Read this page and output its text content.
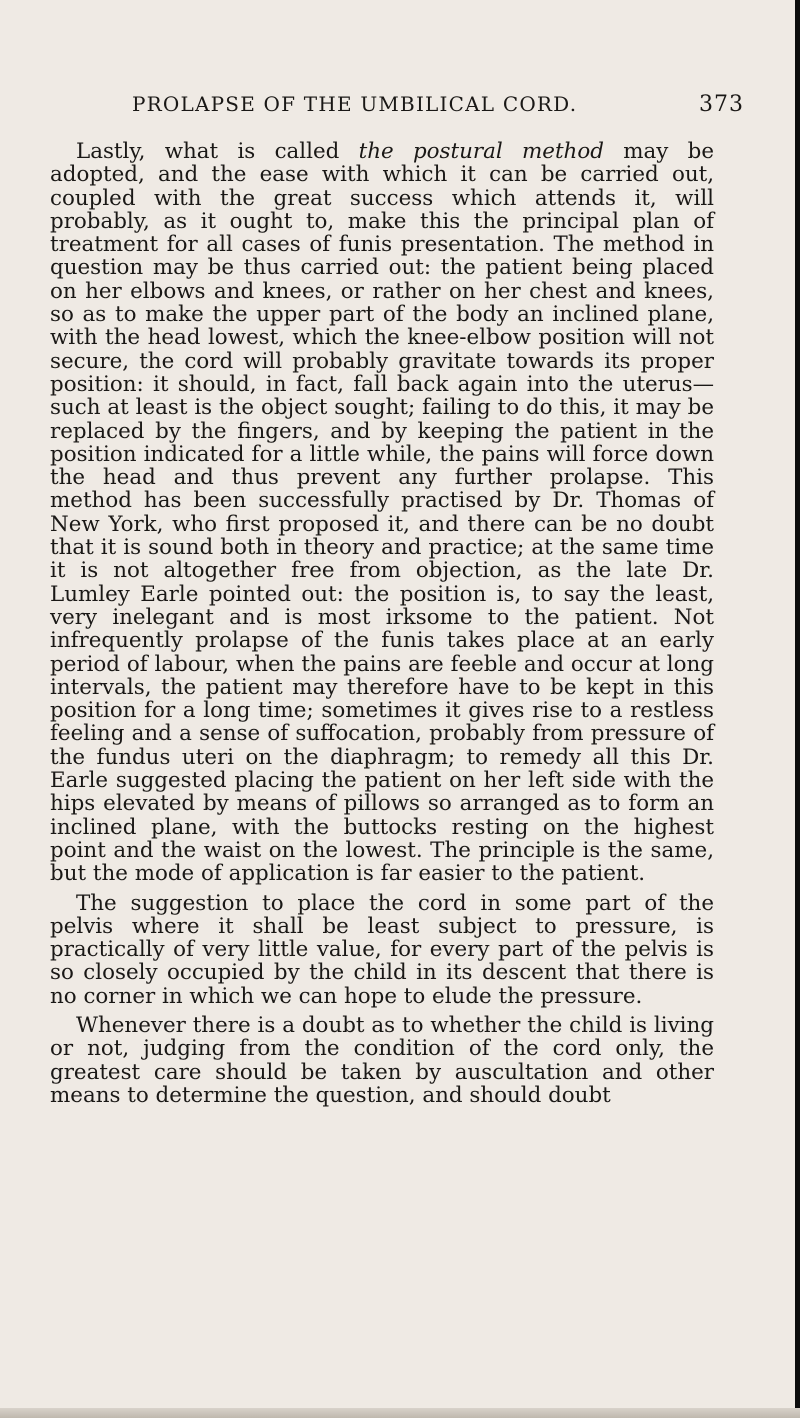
PROLAPSE OF THE UMBILICAL CORD.	373

Lastly, what is called the postural method may be adopted, and the ease with which it can be carried out, coupled with the great success which attends it, will probably, as it ought to, make this the principal plan of treatment for all cases of funis presentation. The method in question may be thus carried out: the patient being placed on her elbows and knees, or rather on her chest and knees, so as to make the upper part of the body an inclined plane, with the head lowest, which the knee-elbow position will not secure, the cord will probably gravitate towards its proper position: it should, in fact, fall back again into the uterus—such at least is the object sought; failing to do this, it may be replaced by the fingers, and by keeping the patient in the position indicated for a little while, the pains will force down the head and thus prevent any further prolapse. This method has been successfully practised by Dr. Thomas of New York, who first proposed it, and there can be no doubt that it is sound both in theory and practice; at the same time it is not altogether free from objection, as the late Dr. Lumley Earle pointed out: the position is, to say the least, very inelegant and is most irksome to the patient. Not infrequently prolapse of the funis takes place at an early period of labour, when the pains are feeble and occur at long intervals, the patient may therefore have to be kept in this position for a long time; sometimes it gives rise to a restless feeling and a sense of suffocation, probably from pressure of the fundus uteri on the diaphragm; to remedy all this Dr. Earle suggested placing the patient on her left side with the hips elevated by means of pillows so arranged as to form an inclined plane, with the buttocks resting on the highest point and the waist on the lowest. The principle is the same, but the mode of application is far easier to the patient.

The suggestion to place the cord in some part of the pelvis where it shall be least subject to pressure, is practically of very little value, for every part of the pelvis is so closely occupied by the child in its descent that there is no corner in which we can hope to elude the pressure.

Whenever there is a doubt as to whether the child is living or not, judging from the condition of the cord only, the greatest care should be taken by auscultation and other means to determine the question, and should doubt
